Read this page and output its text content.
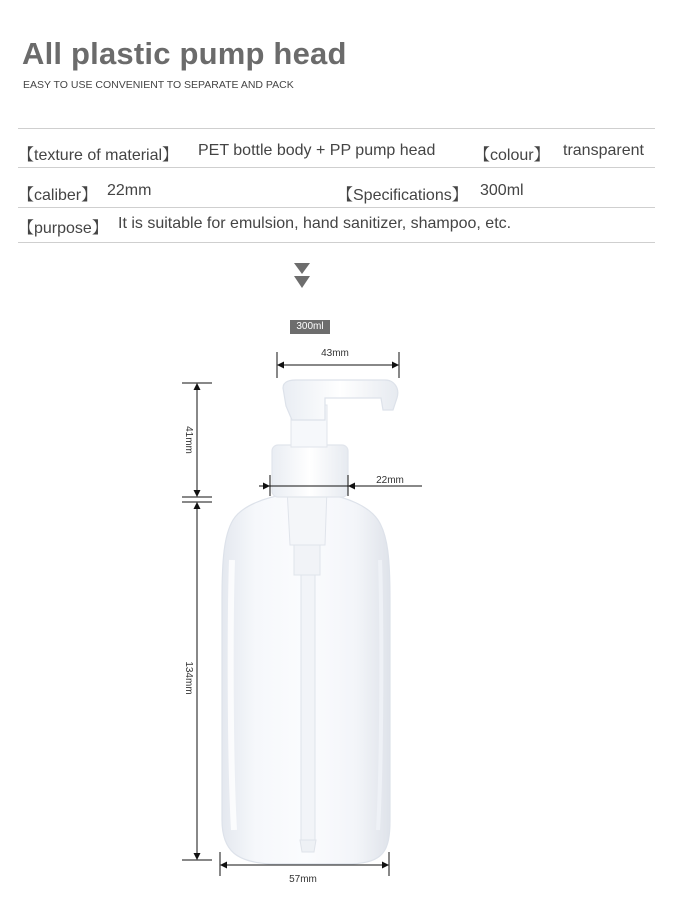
All plastic pump head
EASY TO USE CONVENIENT TO SEPARATE AND PACK
【texture of material】 PET bottle body + PP pump head 【colour】 transparent
【caliber】 22mm	【Specifications】 300ml
【purpose】 It is suitable for emulsion, hand sanitizer, shampoo, etc.
300ml
43mm
41mm
22mm
134mm
57mm
